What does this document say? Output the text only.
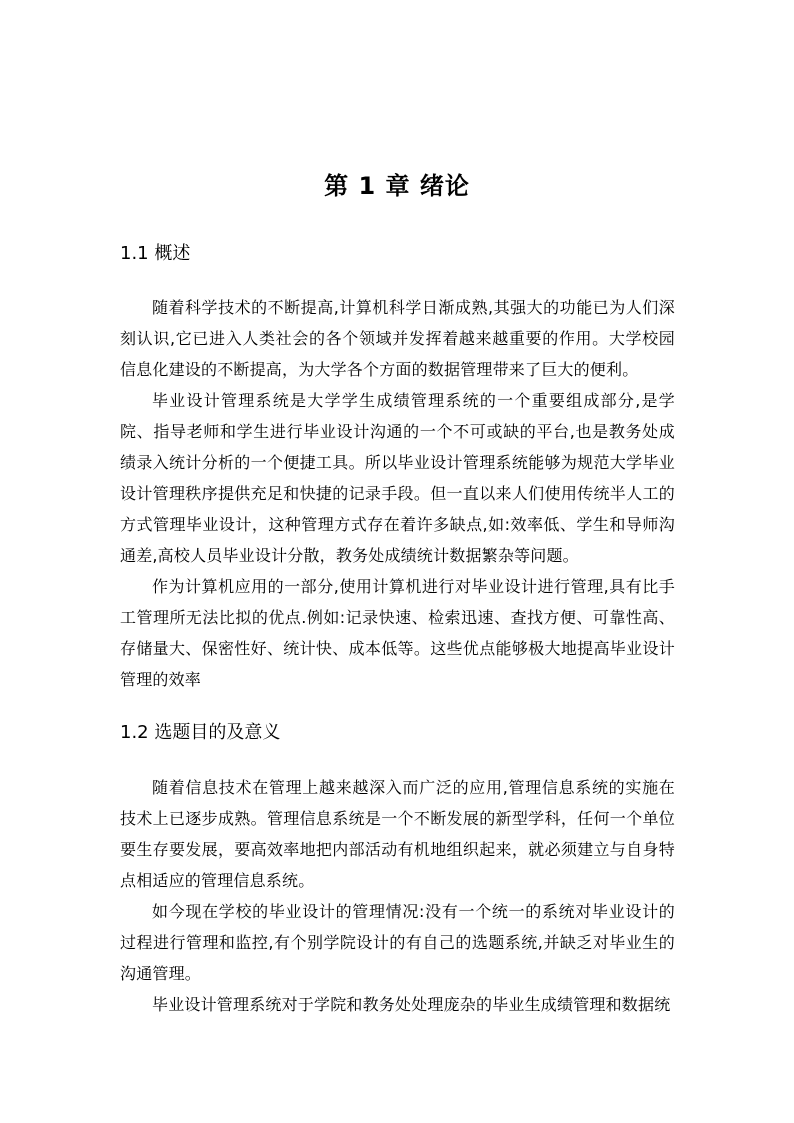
第 1 章 绪论
1.1 概述

随着科学技术的不断提高,计算机科学日渐成熟,其强大的功能已为人们深刻认识,它已进入人类社会的各个领域并发挥着越来越重要的作用。大学校园信息化建设的不断提高，为大学各个方面的数据管理带来了巨大的便利。

毕业设计管理系统是大学学生成绩管理系统的一个重要组成部分,是学院、指导老师和学生进行毕业设计沟通的一个不可或缺的平台,也是教务处成绩录入统计分析的一个便捷工具。所以毕业设计管理系统能够为规范大学毕业设计管理秩序提供充足和快捷的记录手段。但一直以来人们使用传统半人工的方式管理毕业设计，这种管理方式存在着许多缺点,如:效率低、学生和导师沟通差,高校人员毕业设计分散，教务处成绩统计数据繁杂等问题。

作为计算机应用的一部分,使用计算机进行对毕业设计进行管理,具有比手工管理所无法比拟的优点.例如:记录快速、检索迅速、查找方便、可靠性高、存储量大、保密性好、统计快、成本低等。这些优点能够极大地提高毕业设计管理的效率

1.2 选题目的及意义

随着信息技术在管理上越来越深入而广泛的应用,管理信息系统的实施在技术上已逐步成熟。管理信息系统是一个不断发展的新型学科，任何一个单位要生存要发展，要高效率地把内部活动有机地组织起来，就必须建立与自身特点相适应的管理信息系统。

如今现在学校的毕业设计的管理情况:没有一个统一的系统对毕业设计的过程进行管理和监控,有个别学院设计的有自己的选题系统,并缺乏对毕业生的沟通管理。

毕业设计管理系统对于学院和教务处处理庞杂的毕业生成绩管理和数据统
